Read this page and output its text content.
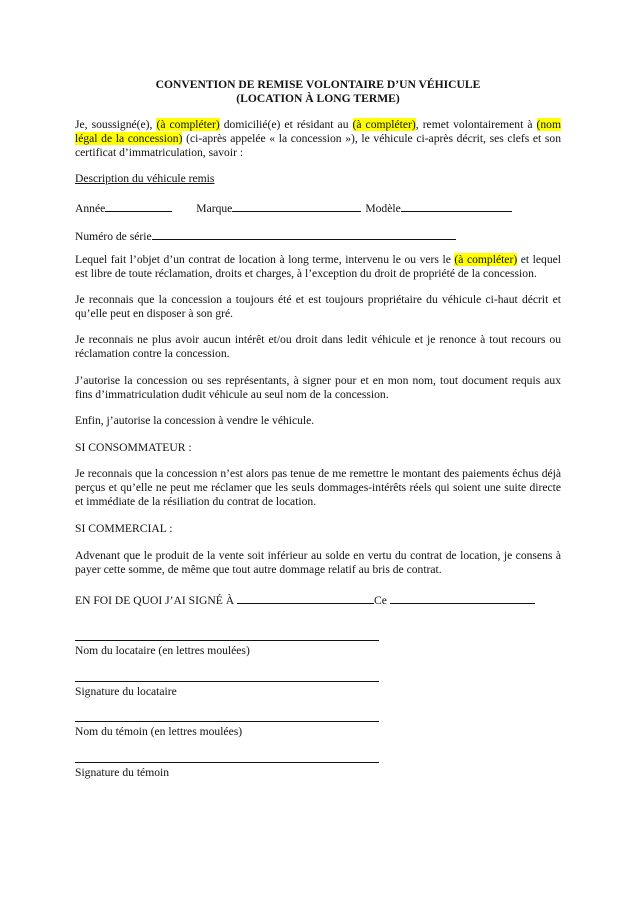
CONVENTION DE REMISE VOLONTAIRE D’UN VÉHICULE
(LOCATION À LONG TERME)
Je, soussigné(e), (à compléter) domicilié(e) et résidant au (à compléter), remet volontairement à (nom légal de la concession) (ci-après appelée « la concession »), le véhicule ci-après décrit, ses clefs et son certificat d’immatriculation, savoir :
Description du véhicule remis
Année	Marque	Modèle
Numéro de série
Lequel fait l’objet d’un contrat de location à long terme, intervenu le ou vers le (à compléter) et lequel est libre de toute réclamation, droits et charges, à l’exception du droit de propriété de la concession.
Je reconnais que la concession a toujours été et est toujours propriétaire du véhicule ci-haut décrit et qu’elle peut en disposer à son gré.
Je reconnais ne plus avoir aucun intérêt et/ou droit dans ledit véhicule et je renonce à tout recours ou réclamation contre la concession.
J’autorise la concession ou ses représentants, à signer pour et en mon nom, tout document requis aux fins d’immatriculation dudit véhicule au seul nom de la concession.
Enfin, j’autorise la concession à vendre le véhicule.
SI CONSOMMATEUR :
Je reconnais que la concession n’est alors pas tenue de me remettre le montant des paiements échus déjà perçus et qu’elle ne peut me réclamer que les seuls dommages-intérêts réels qui soient une suite directe et immédiate de la résiliation du contrat de location.
SI COMMERCIAL :
Advenant que le produit de la vente soit inférieur au solde en vertu du contrat de location, je consens à payer cette somme, de même que tout autre dommage relatif au bris de contrat.
EN FOI DE QUOI J’AI SIGNÉ À	Ce
Nom du locataire (en lettres moulées)
Signature du locataire
Nom du témoin (en lettres moulées)
Signature du témoin
